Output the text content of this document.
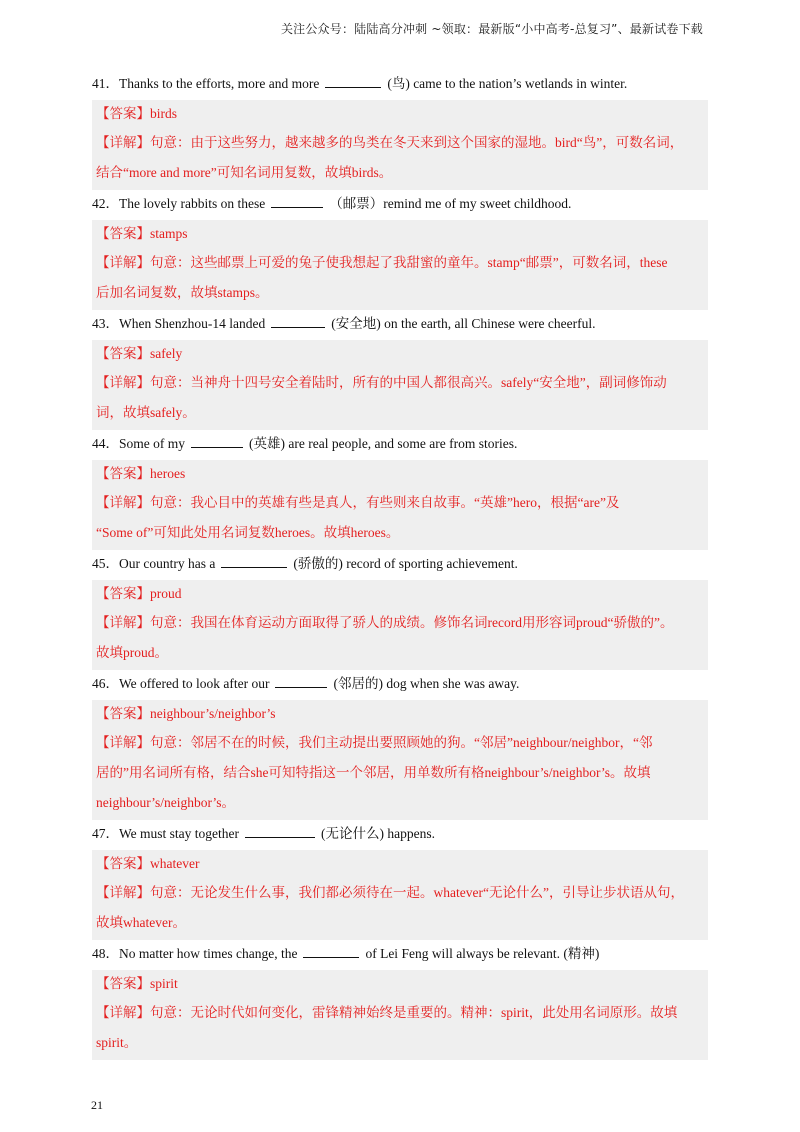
关注公众号：陆陆高分冲刺 ~领取：最新版“小中高考-总复习”、最新试卷下载
41．Thanks to the efforts, more and more	(鸟) came to the nation’s wetlands in winter.
【答案】birds
【详解】句意：由于这些努力，越来越多的鸟类在冬天来到这个国家的湿地。bird“鸟”，可数名词，
结合“more and more”可知名词用复数，故填birds。
42．The lovely rabbits on these	（邮票）remind me of my sweet childhood.
【答案】stamps
【详解】句意：这些邮票上可爱的兔子使我想起了我甜蜜的童年。stamp“邮票”，可数名词，these
后加名词复数，故填stamps。
43．When Shenzhou-14 landed	(安全地) on the earth, all Chinese were cheerful.
【答案】safely
【详解】句意：当神舟十四号安全着陆时，所有的中国人都很高兴。safely“安全地”，副词修饰动
词，故填safely。
44．Some of my	(英雄) are real people, and some are from stories.
【答案】heroes
【详解】句意：我心目中的英雄有些是真人，有些则来自故事。“英雄”hero，根据“are”及
“Some of”可知此处用名词复数heroes。故填heroes。
45．Our country has a	(骄傲的) record of sporting achievement.
【答案】proud
【详解】句意：我国在体育运动方面取得了骄人的成绩。修饰名词record用形容词proud“骄傲的”。
故填proud。
46．We offered to look after our	(邻居的) dog when she was away.
【答案】neighbour’s/neighbor’s
【详解】句意：邻居不在的时候，我们主动提出要照顾她的狗。“邻居”neighbour/neighbor，“邻
居的”用名词所有格，结合she可知特指这一个邻居，用单数所有格neighbour’s/neighbor’s。故填
neighbour’s/neighbor’s。
47．We must stay together	(无论什么) happens.
【答案】whatever
【详解】句意：无论发生什么事，我们都必须待在一起。whatever“无论什么”，引导让步状语从句，
故填whatever。
48．No matter how times change, the	of Lei Feng will always be relevant. (精神)
【答案】spirit
【详解】句意：无论时代如何变化，雷锋精神始终是重要的。精神：spirit，此处用名词原形。故填
spirit。
21
